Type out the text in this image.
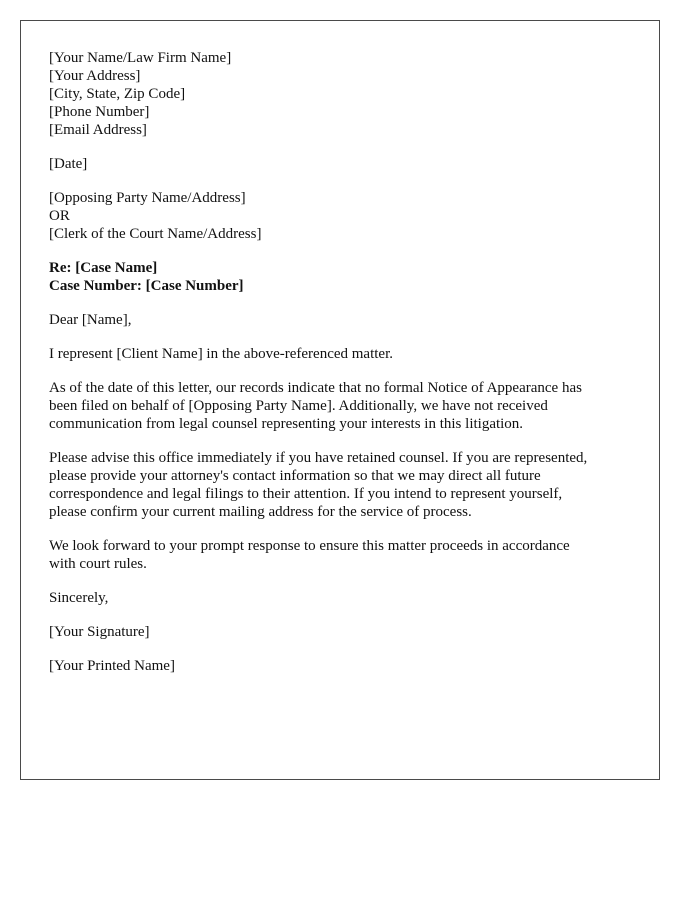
[Your Name/Law Firm Name]
[Your Address]
[City, State, Zip Code]
[Phone Number]
[Email Address]
[Date]
[Opposing Party Name/Address]
OR
[Clerk of the Court Name/Address]
Re: [Case Name]
Case Number: [Case Number]
Dear [Name],
I represent [Client Name] in the above-referenced matter.
As of the date of this letter, our records indicate that no formal Notice of Appearance has
been filed on behalf of [Opposing Party Name]. Additionally, we have not received
communication from legal counsel representing your interests in this litigation.
Please advise this office immediately if you have retained counsel. If you are represented,
please provide your attorney's contact information so that we may direct all future
correspondence and legal filings to their attention. If you intend to represent yourself,
please confirm your current mailing address for the service of process.
We look forward to your prompt response to ensure this matter proceeds in accordance
with court rules.
Sincerely,
[Your Signature]
[Your Printed Name]
